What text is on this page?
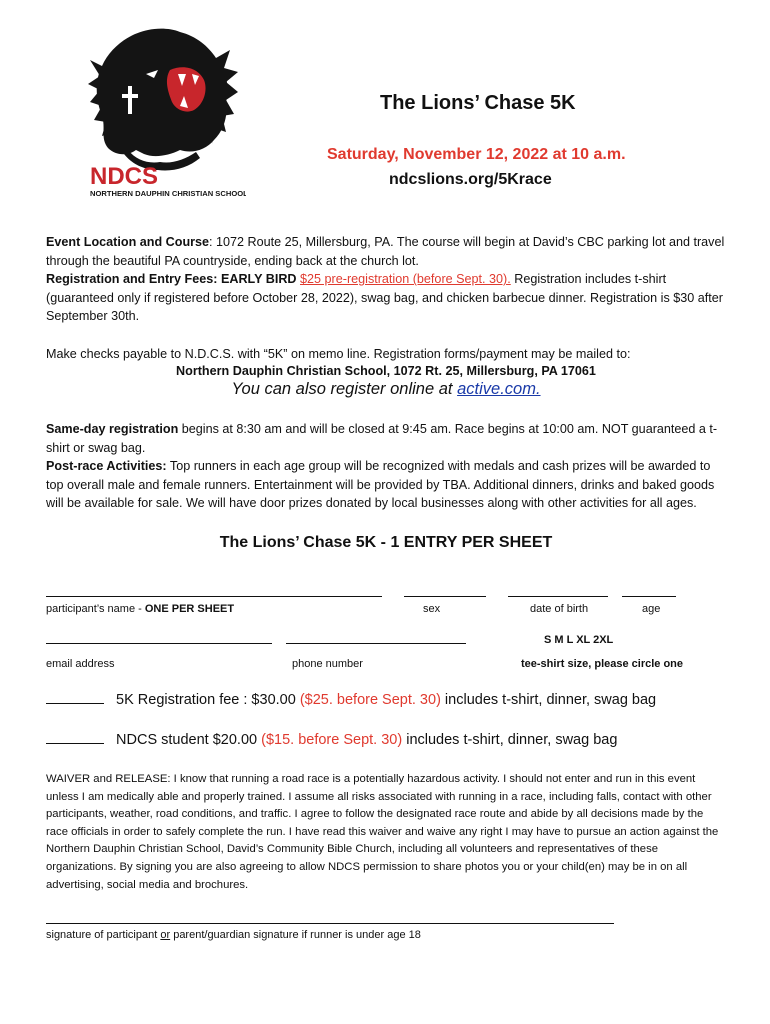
NDCS
NORTHERN DAUPHIN CHRISTIAN SCHOOL
The Lions’ Chase 5K
Saturday, November 12, 2022 at 10 a.m.
ndcslions.org/5Krace
Event Location and Course: 1072 Route 25, Millersburg, PA. The course will begin at David’s CBC parking lot and travel through the beautiful PA countryside, ending back at the church lot.
Registration and Entry Fees: EARLY BIRD $25 pre-registration (before Sept. 30). Registration includes t-shirt (guaranteed only if registered before October 28, 2022), swag bag, and chicken barbecue dinner. Registration is $30 after September 30th.
Make checks payable to N.D.C.S. with “5K” on memo line. Registration forms/payment may be mailed to:
Northern Dauphin Christian School, 1072 Rt. 25, Millersburg, PA 17061
You can also register online at active.com.
Same-day registration begins at 8:30 am and will be closed at 9:45 am. Race begins at 10:00 am. NOT guaranteed a t-shirt or swag bag.
Post-race Activities: Top runners in each age group will be recognized with medals and cash prizes will be awarded to top overall male and female runners. Entertainment will be provided by TBA. Additional dinners, drinks and baked goods will be available for sale. We will have door prizes donated by local businesses along with other activities for all ages.
The Lions’ Chase 5K - 1 ENTRY PER SHEET
participant’s name - ONE PER SHEET	sex	date of birth	age
S M L XL 2XL
email address	phone number	tee-shirt size, please circle one
5K Registration fee : $30.00 ($25. before Sept. 30) includes t-shirt, dinner, swag bag
NDCS student $20.00 ($15. before Sept. 30) includes t-shirt, dinner, swag bag
WAIVER and RELEASE: I know that running a road race is a potentially hazardous activity. I should not enter and run in this event unless I am medically able and properly trained. I assume all risks associated with running in a race, including falls, contact with other participants, weather, road conditions, and traffic. I agree to follow the designated race route and abide by all decisions made by the race officials in order to safely complete the run. I have read this waiver and waive any right I may have to pursue an action against the Northern Dauphin Christian School, David’s Community Bible Church, including all volunteers and representatives of these organizations. By signing you are also agreeing to allow NDCS permission to share photos you or your child(en) may be in on all advertising, social media and brochures.
signature of participant or parent/guardian signature if runner is under age 18
